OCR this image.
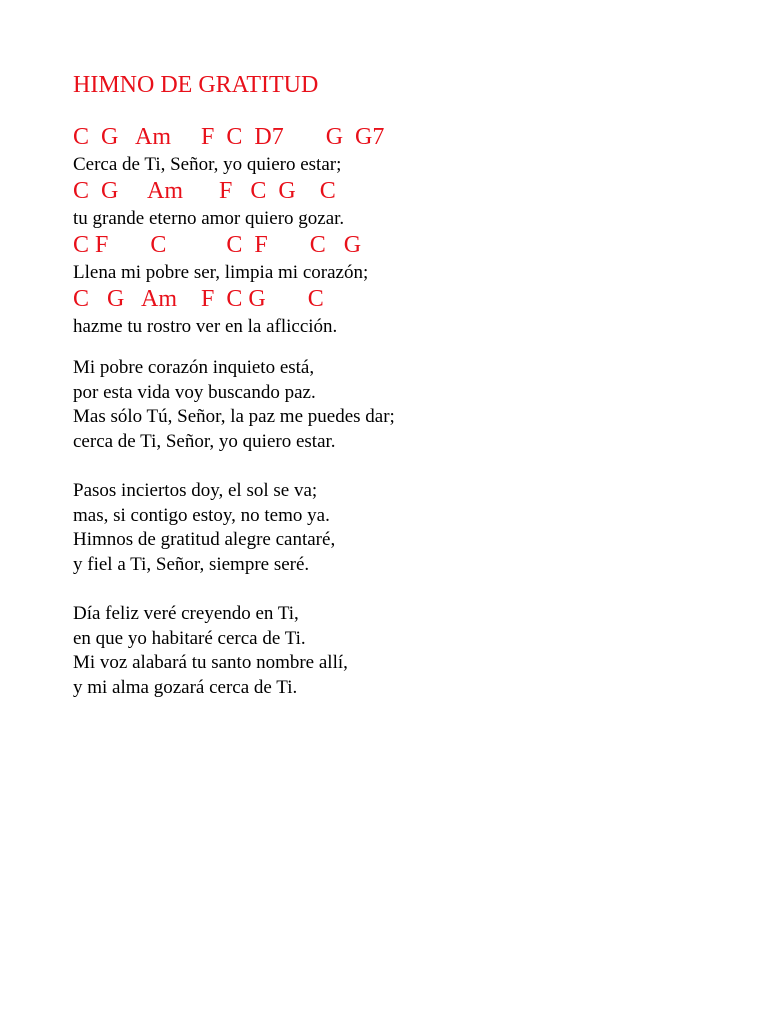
HIMNO DE GRATITUD
C  G   Am     F  C  D7       G  G7
Cerca de Ti, Señor, yo quiero estar;
C  G     Am      F   C  G    C
tu grande eterno amor quiero gozar.
C F       C          C  F       C   G
Llena mi pobre ser, limpia mi corazón;
C   G   Am    F  C G       C
hazme tu rostro ver en la aflicción.
Mi pobre corazón inquieto está,
por esta vida voy buscando paz.
Mas sólo Tú, Señor, la paz me puedes dar;
cerca de Ti, Señor, yo quiero estar.
Pasos inciertos doy, el sol se va;
mas, si contigo estoy, no temo ya.
Himnos de gratitud alegre cantaré,
y fiel a Ti, Señor, siempre seré.
Día feliz veré creyendo en Ti,
en que yo habitaré cerca de Ti.
Mi voz alabará tu santo nombre allí,
y mi alma gozará cerca de Ti.
